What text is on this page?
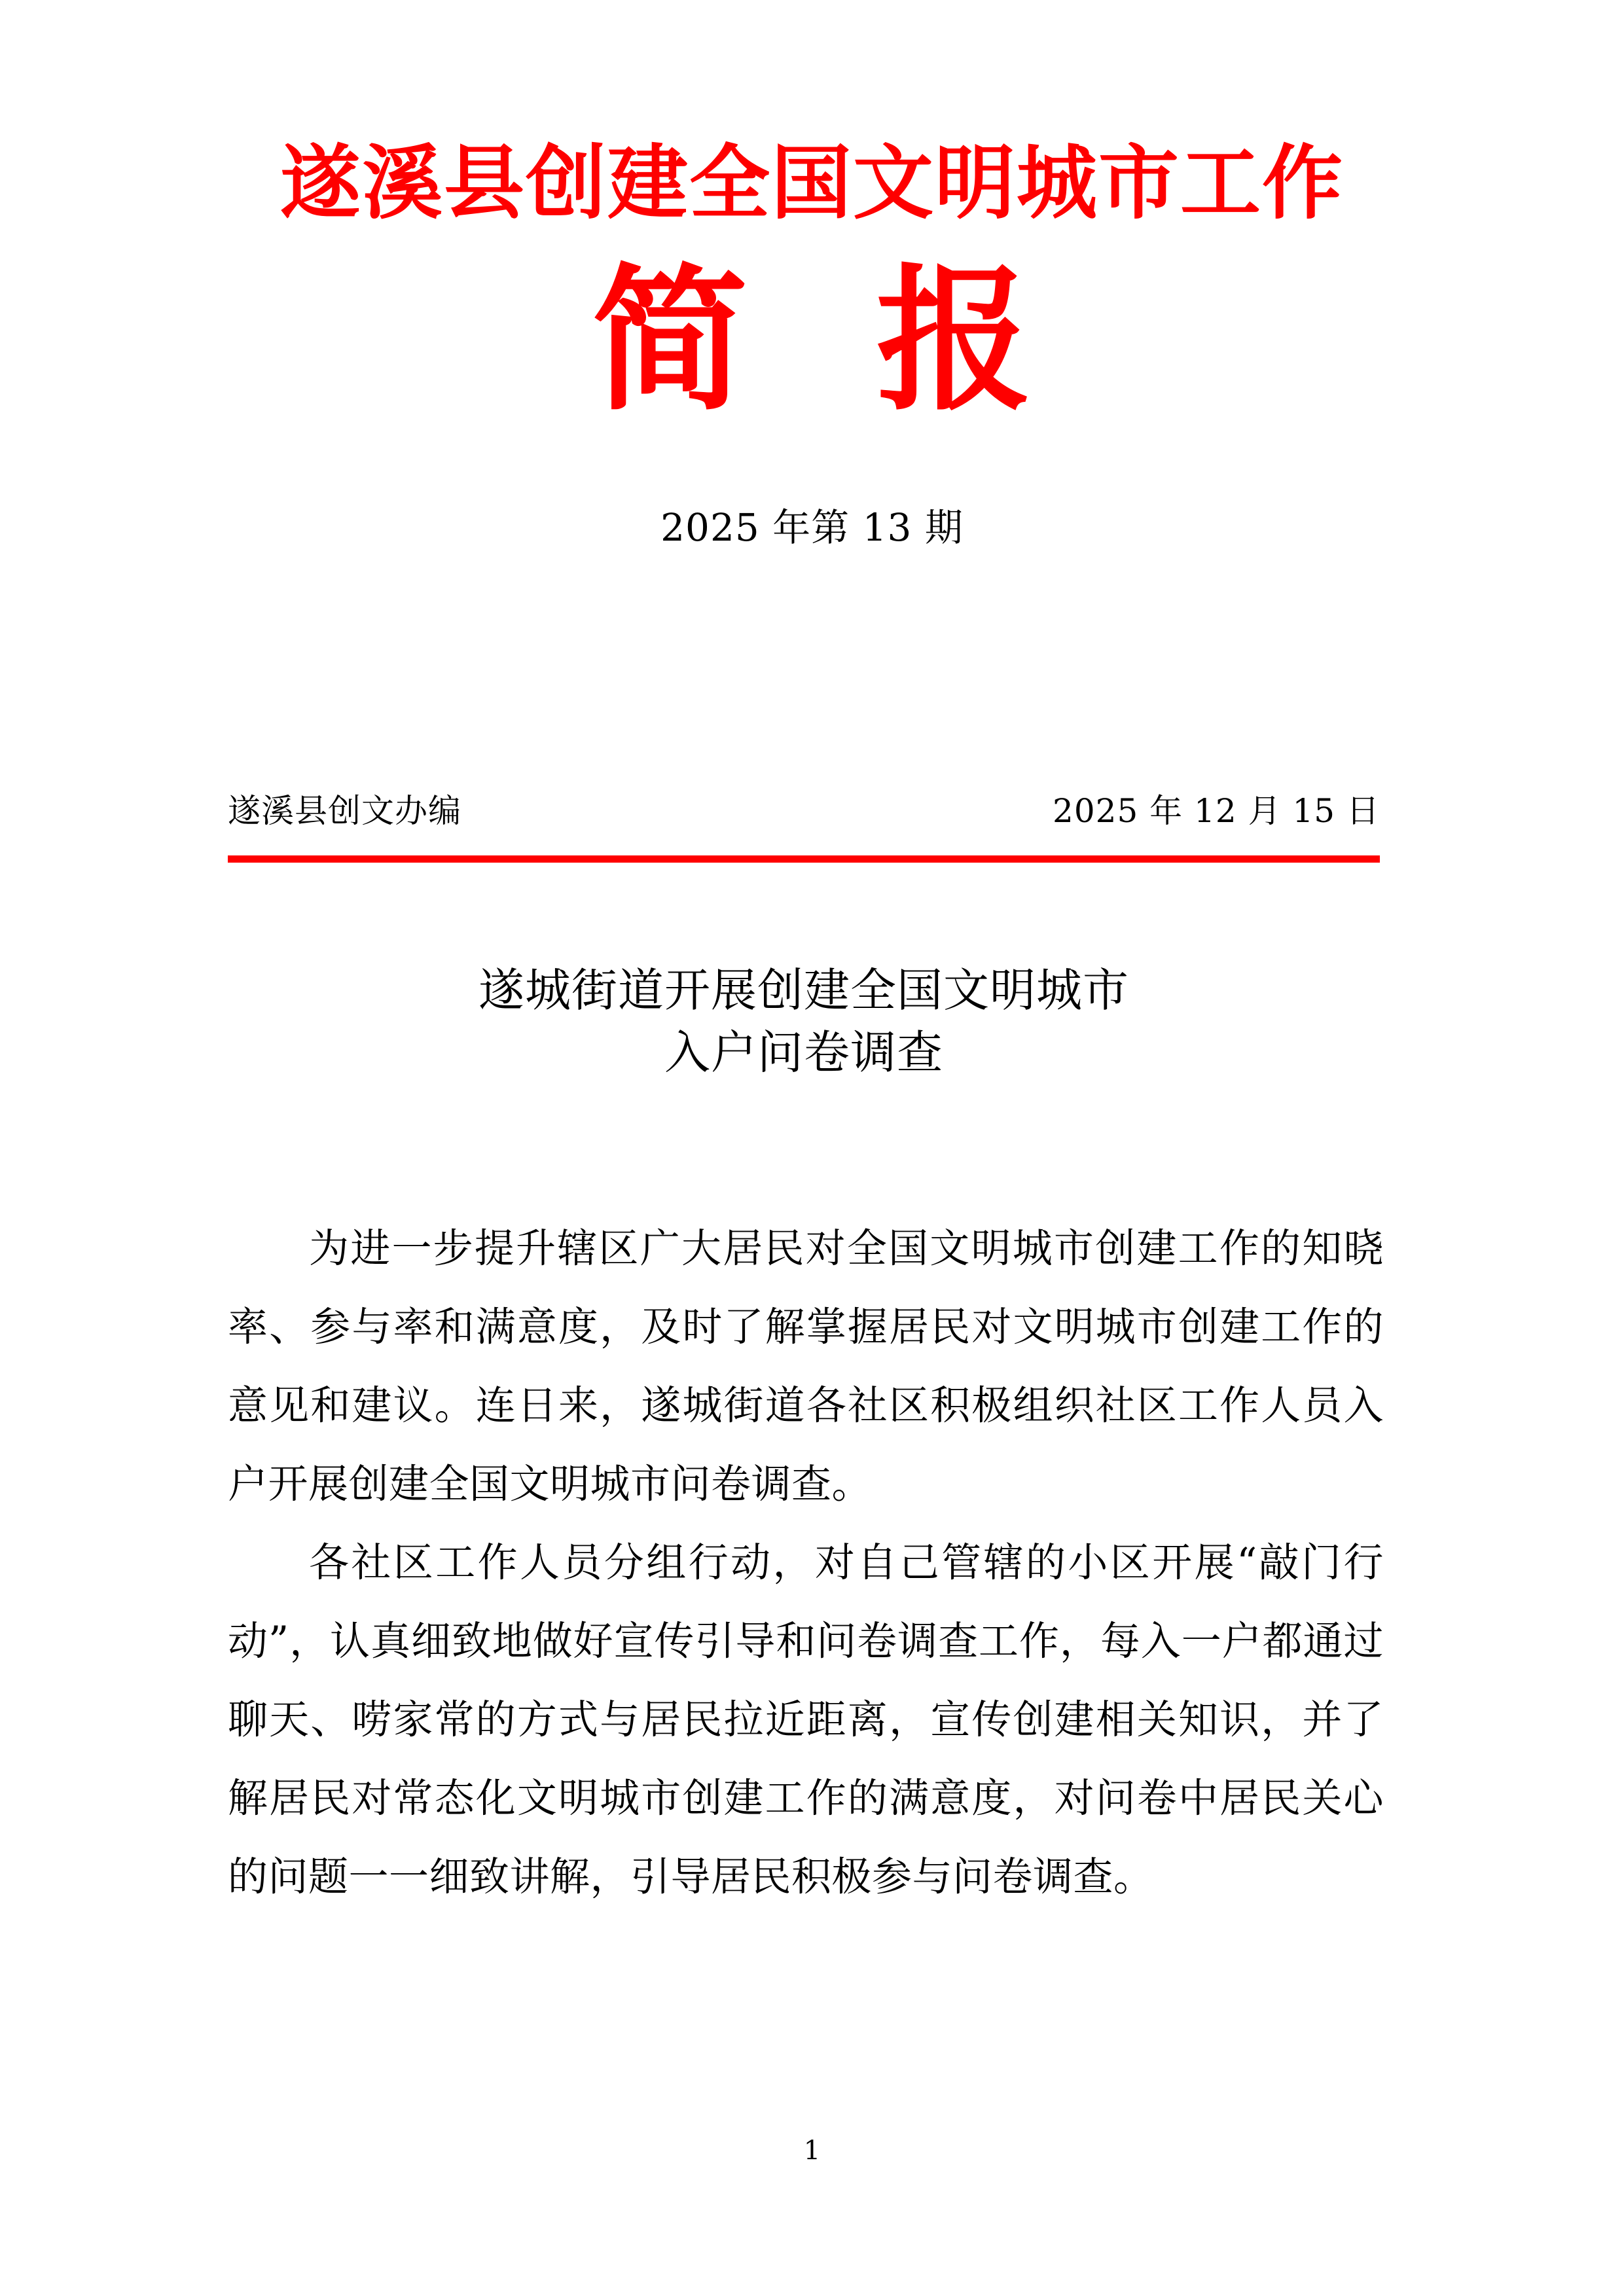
遂溪县创建全国文明城市工作
简 报
2025 年第 13 期
遂溪县创文办编	2025 年 12 月 15 日
遂城街道开展创建全国文明城市
入户问卷调查

为进一步提升辖区广大居民对全国文明城市创建工作的知晓率、参与率和满意度，及时了解掌握居民对文明城市创建工作的意见和建议。连日来，遂城街道各社区积极组织社区工作人员入户开展创建全国文明城市问卷调查。

各社区工作人员分组行动，对自己管辖的小区开展“敲门行动”，认真细致地做好宣传引导和问卷调查工作，每入一户都通过聊天、唠家常的方式与居民拉近距离，宣传创建相关知识，并了解居民对常态化文明城市创建工作的满意度，对问卷中居民关心的问题一一细致讲解，引导居民积极参与问卷调查。

1
